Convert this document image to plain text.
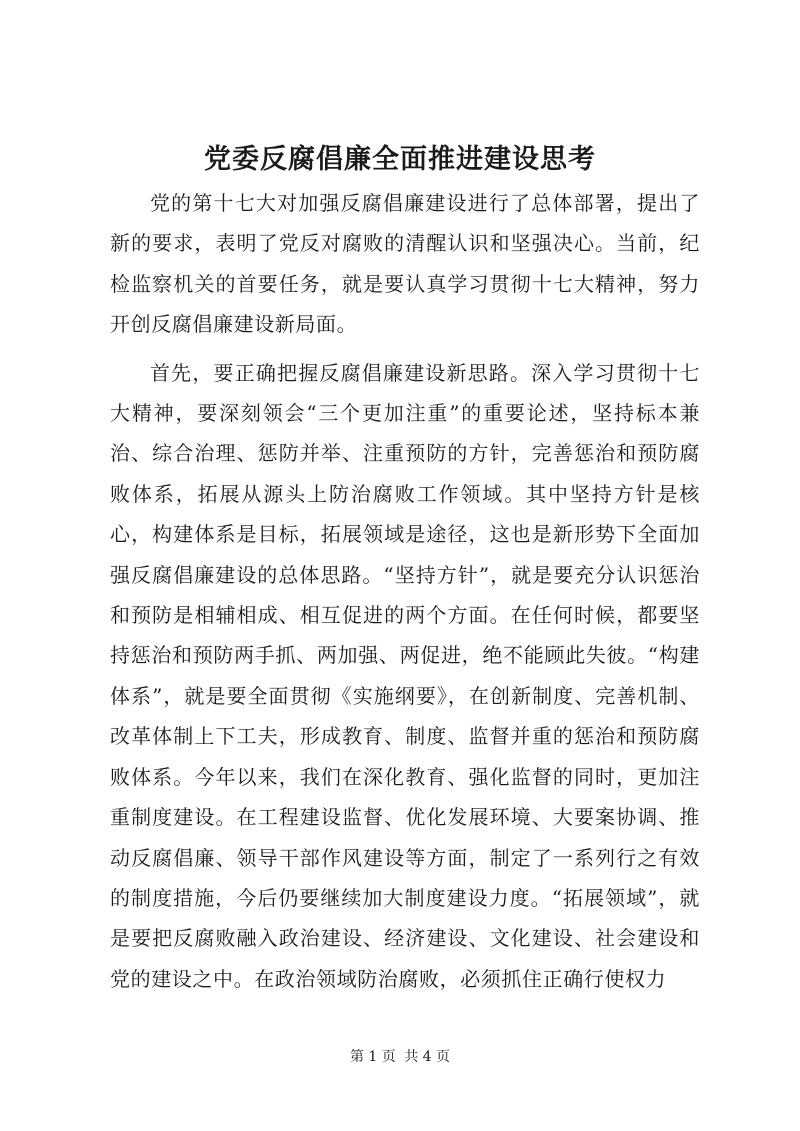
党委反腐倡廉全面推进建设思考

党的第十七大对加强反腐倡廉建设进行了总体部署，提出了新的要求，表明了党反对腐败的清醒认识和坚强决心。当前，纪检监察机关的首要任务，就是要认真学习贯彻十七大精神，努力开创反腐倡廉建设新局面。

首先，要正确把握反腐倡廉建设新思路。深入学习贯彻十七大精神，要深刻领会“三个更加注重”的重要论述，坚持标本兼治、综合治理、惩防并举、注重预防的方针，完善惩治和预防腐败体系，拓展从源头上防治腐败工作领域。其中坚持方针是核心，构建体系是目标，拓展领域是途径，这也是新形势下全面加强反腐倡廉建设的总体思路。“坚持方针”，就是要充分认识惩治和预防是相辅相成、相互促进的两个方面。在任何时候，都要坚持惩治和预防两手抓、两加强、两促进，绝不能顾此失彼。“构建体系”，就是要全面贯彻《实施纲要》，在创新制度、完善机制、改革体制上下工夫，形成教育、制度、监督并重的惩治和预防腐败体系。今年以来，我们在深化教育、强化监督的同时，更加注重制度建设。在工程建设监督、优化发展环境、大要案协调、推动反腐倡廉、领导干部作风建设等方面，制定了一系列行之有效的制度措施，今后仍要继续加大制度建设力度。“拓展领域”，就是要把反腐败融入政治建设、经济建设、文化建设、社会建设和党的建设之中。在政治领域防治腐败，必须抓住正确行使权力

第 1 页 共 4 页
